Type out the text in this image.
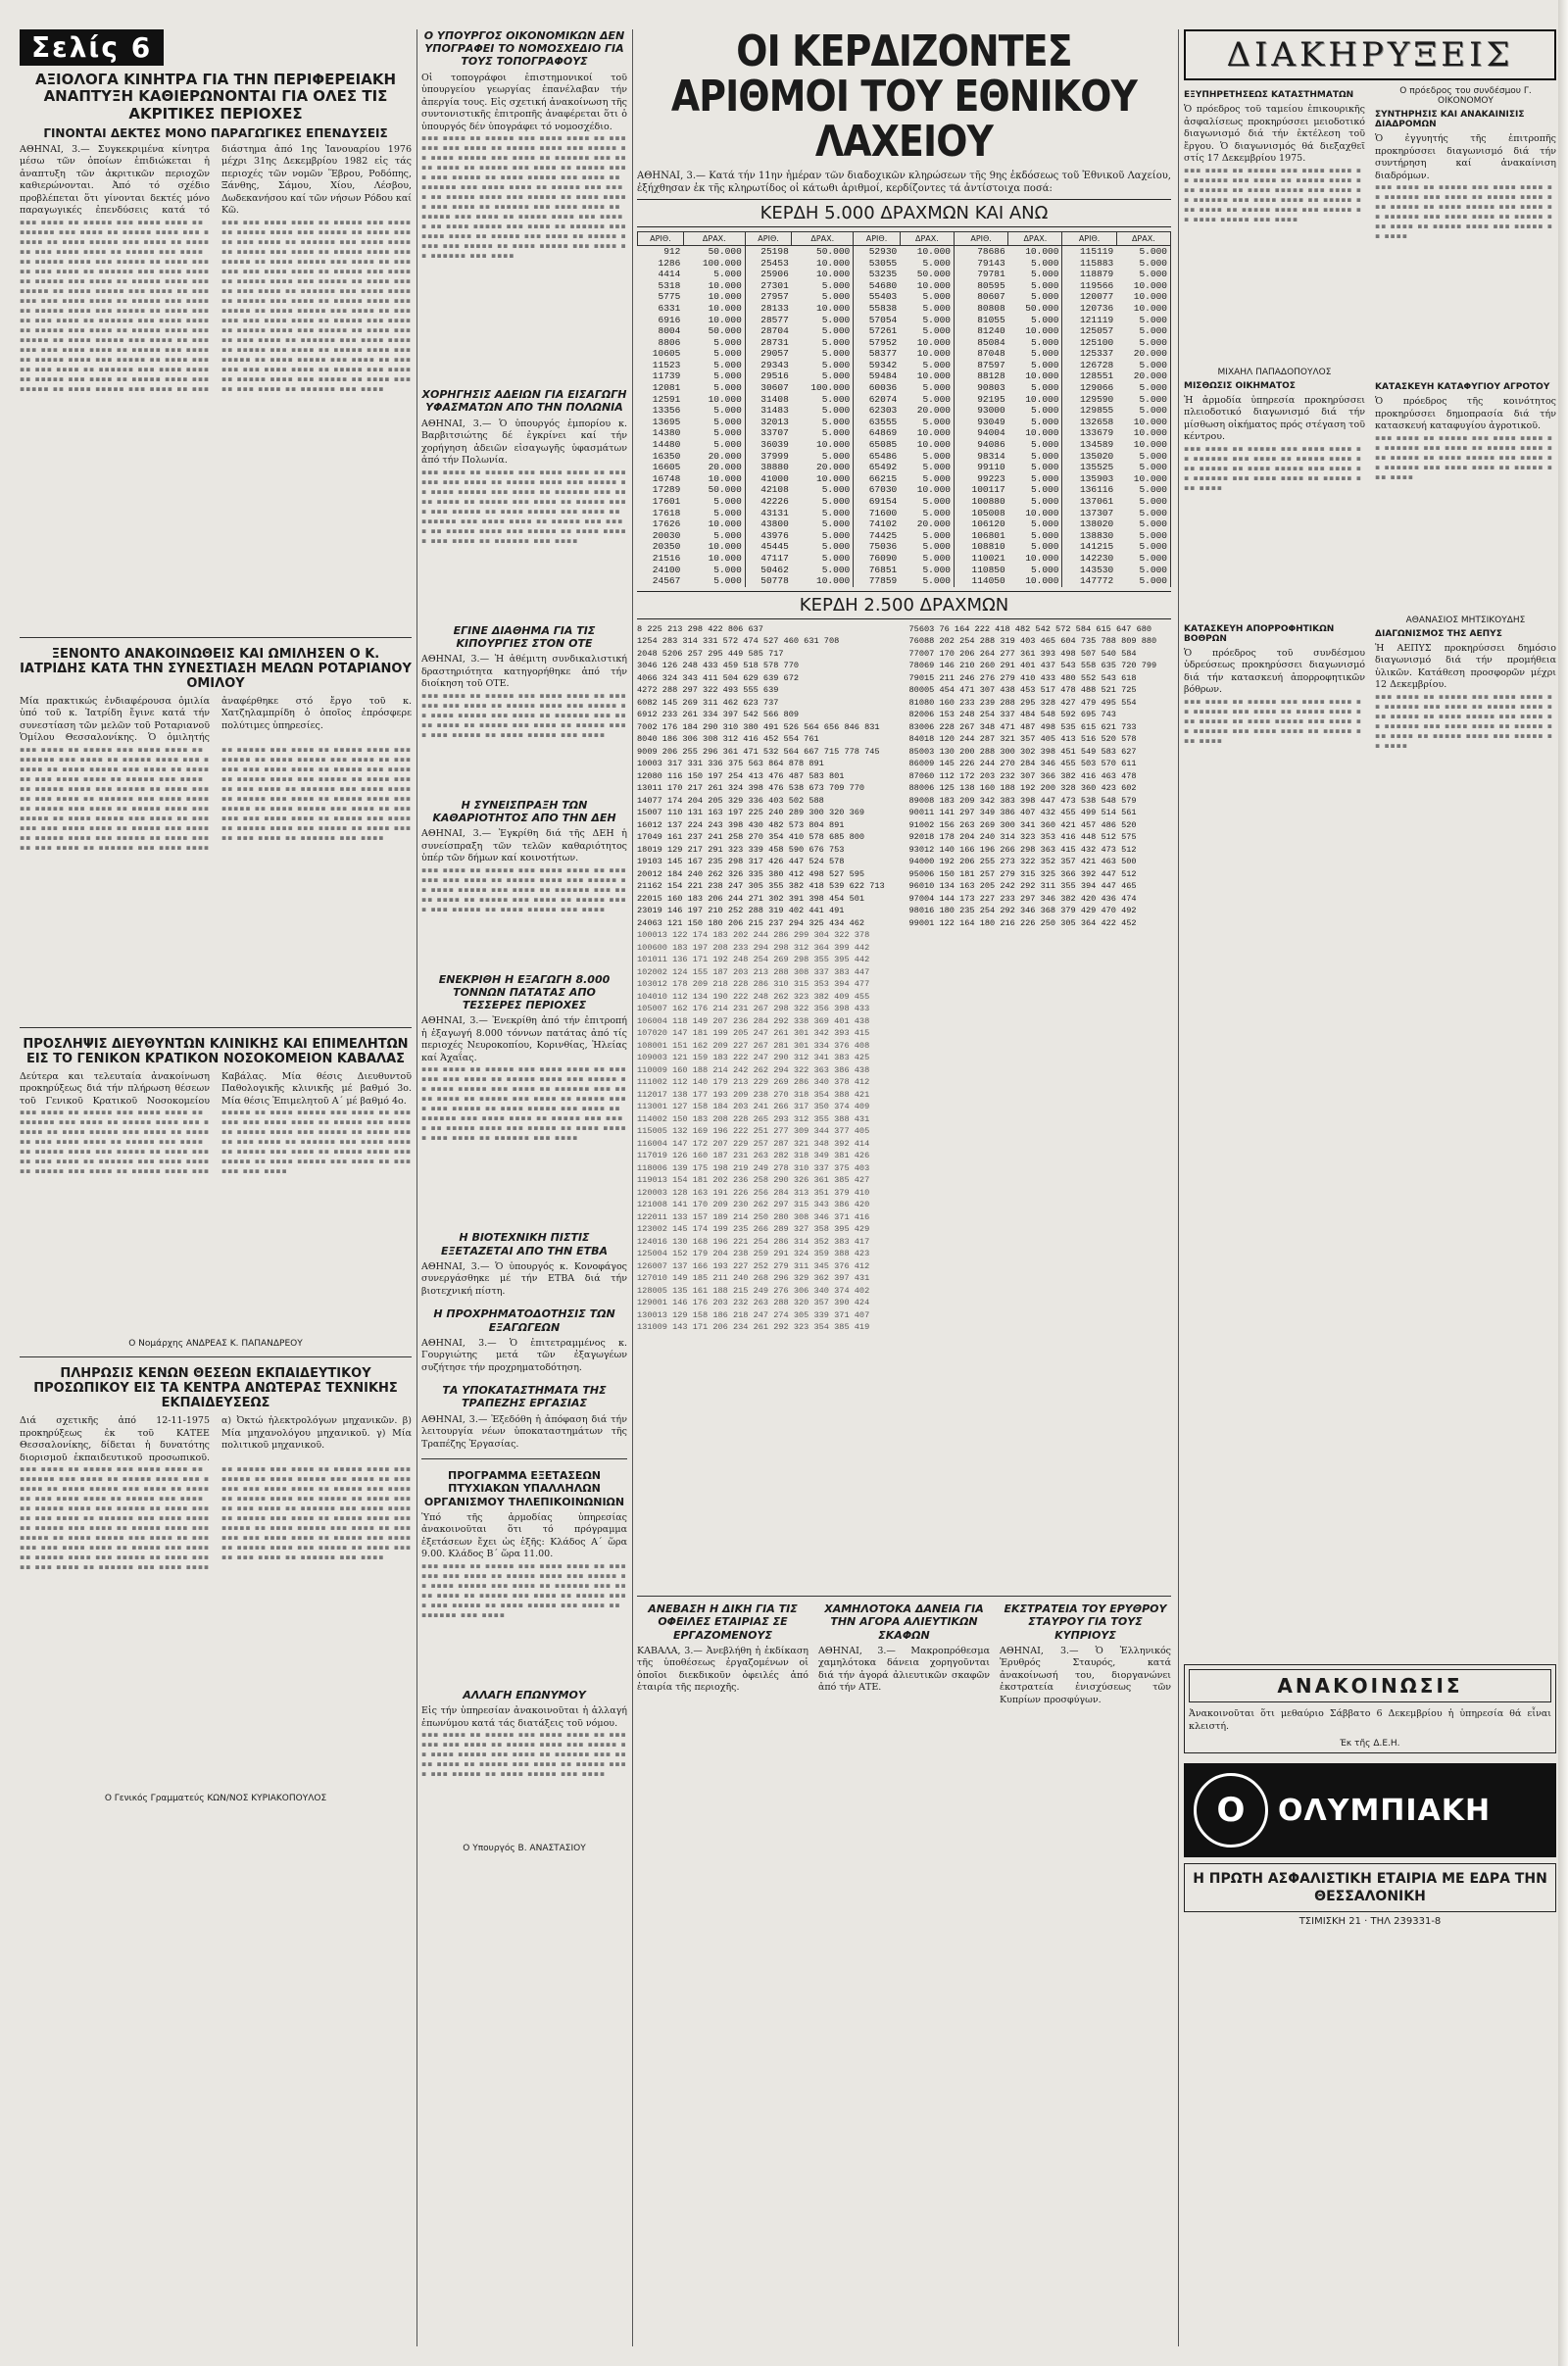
Σελίς 6
ΑΞΙΟΛΟΓΑ ΚΙΝΗΤΡΑ ΓΙΑ ΤΗΝ ΠΕΡΙΦΕΡΕΙΑΚΗ ΑΝΑΠΤΥΞΗ ΚΑΘΙΕΡΩΝΟΝΤΑΙ ΓΙΑ ΟΛΕΣ ΤΙΣ ΑΚΡΙΤΙΚΕΣ ΠΕΡΙΟΧΕΣ
ΓΙΝΟΝΤΑΙ ΔΕΚΤΕΣ ΜΟΝΟ ΠΑΡΑΓΩΓΙΚΕΣ ΕΠΕΝΔΥΣΕΙΣ
ΑΘΗΝΑΙ, 3.— Συγκεκριμένα κίνητρα μέσω τῶν ὁποίων ἐπιδιώκεται ἡ ἀναπτυξη τῶν ἀκριτικῶν περιοχῶν καθιερώνονται. Ἀπό τό σχέδιο προβλέπεται ὅτι γίνονται δεκτές μόνο παραγωγικές ἐπενδύσεις κατά τό διάστημα ἀπό 1ης Ἰανουαρίου 1976 μέχρι 31ης Δεκεμβρίου 1982 εἰς τάς περιοχές τῶν νομῶν Ἕβρου, Ροδόπης, Ξάνθης, Σάμου, Χίου, Λέσβου, Δωδεκανήσου καί τῶν νήσων Ρόδου καί Κῶ.
▪▪▪ ▪▪▪▪ ▪▪ ▪▪▪▪▪ ▪▪▪ ▪▪▪▪ ▪▪▪▪ ▪▪ ▪▪▪▪▪▪ ▪▪▪ ▪▪▪▪ ▪▪ ▪▪▪▪▪ ▪▪▪▪ ▪▪▪ ▪▪▪▪▪ ▪▪ ▪▪▪▪ ▪▪▪▪▪ ▪▪▪ ▪▪▪▪ ▪▪ ▪▪▪▪▪▪ ▪▪▪ ▪▪▪▪ ▪▪▪▪ ▪▪ ▪▪▪▪▪ ▪▪▪ ▪▪▪▪ ▪▪ ▪▪▪▪▪ ▪▪▪▪ ▪▪▪ ▪▪▪▪▪ ▪▪ ▪▪▪▪ ▪▪▪▪▪ ▪▪▪ ▪▪▪▪ ▪▪ ▪▪▪▪▪▪ ▪▪▪ ▪▪▪▪ ▪▪▪▪ ▪▪ ▪▪▪▪▪ ▪▪▪ ▪▪▪▪ ▪▪ ▪▪▪▪▪ ▪▪▪▪ ▪▪▪ ▪▪▪▪▪ ▪▪ ▪▪▪▪ ▪▪▪▪▪ ▪▪▪ ▪▪▪▪ ▪▪ ▪▪▪▪▪▪ ▪▪▪ ▪▪▪▪ ▪▪▪▪ ▪▪ ▪▪▪▪▪ ▪▪▪ ▪▪▪▪ ▪▪ ▪▪▪▪▪ ▪▪▪▪ ▪▪▪ ▪▪▪▪▪ ▪▪ ▪▪▪▪ ▪▪▪▪▪ ▪▪▪ ▪▪▪▪ ▪▪ ▪▪▪▪▪▪ ▪▪▪ ▪▪▪▪ ▪▪▪▪ ▪▪ ▪▪▪▪▪ ▪▪▪ ▪▪▪▪ ▪▪ ▪▪▪▪▪ ▪▪▪▪ ▪▪▪ ▪▪▪▪▪ ▪▪ ▪▪▪▪ ▪▪▪▪▪ ▪▪▪ ▪▪▪▪ ▪▪ ▪▪▪▪▪▪ ▪▪▪ ▪▪▪▪ ▪▪▪▪ ▪▪ ▪▪▪▪▪ ▪▪▪ ▪▪▪▪ ▪▪ ▪▪▪▪▪ ▪▪▪▪ ▪▪▪ ▪▪▪▪▪ ▪▪ ▪▪▪▪ ▪▪▪▪▪ ▪▪▪ ▪▪▪▪ ▪▪ ▪▪▪▪▪▪ ▪▪▪ ▪▪▪▪ ▪▪▪▪ ▪▪ ▪▪▪▪▪ ▪▪▪ ▪▪▪▪ ▪▪ ▪▪▪▪▪ ▪▪▪▪ ▪▪▪ ▪▪▪▪▪ ▪▪ ▪▪▪▪ ▪▪▪▪▪ ▪▪▪ ▪▪▪▪ ▪▪ ▪▪▪▪▪▪ ▪▪▪ ▪▪▪▪ ▪▪▪▪ ▪▪ ▪▪▪▪▪ ▪▪▪ ▪▪▪▪ ▪▪ ▪▪▪▪▪ ▪▪▪▪ ▪▪▪ ▪▪▪▪▪ ▪▪ ▪▪▪▪ ▪▪▪▪▪ ▪▪▪ ▪▪▪▪ ▪▪ ▪▪▪▪▪▪ ▪▪▪ ▪▪▪▪ ▪▪▪▪ ▪▪ ▪▪▪▪▪ ▪▪▪ ▪▪▪▪ ▪▪ ▪▪▪▪▪ ▪▪▪▪ ▪▪▪ ▪▪▪▪▪ ▪▪ ▪▪▪▪ ▪▪▪▪▪ ▪▪▪ ▪▪▪▪ ▪▪ ▪▪▪▪▪▪ ▪▪▪ ▪▪▪▪ ▪▪▪▪ ▪▪ ▪▪▪▪▪ ▪▪▪ ▪▪▪▪ ▪▪ ▪▪▪▪▪ ▪▪▪▪ ▪▪▪ ▪▪▪▪▪ ▪▪ ▪▪▪▪ ▪▪▪▪▪ ▪▪▪ ▪▪▪▪ ▪▪ ▪▪▪▪▪▪ ▪▪▪ ▪▪▪▪ ▪▪▪▪ ▪▪ ▪▪▪▪▪ ▪▪▪ ▪▪▪▪ ▪▪ ▪▪▪▪▪ ▪▪▪▪ ▪▪▪ ▪▪▪▪▪ ▪▪ ▪▪▪▪ ▪▪▪▪▪ ▪▪▪ ▪▪▪▪ ▪▪ ▪▪▪▪▪▪ ▪▪▪ ▪▪▪▪ ▪▪▪▪ ▪▪ ▪▪▪▪▪ ▪▪▪ ▪▪▪▪ ▪▪ ▪▪▪▪▪ ▪▪▪▪ ▪▪▪ ▪▪▪▪▪ ▪▪ ▪▪▪▪ ▪▪▪▪▪ ▪▪▪ ▪▪▪▪ ▪▪ ▪▪▪▪▪▪ ▪▪▪ ▪▪▪▪ ▪▪▪▪ ▪▪ ▪▪▪▪▪ ▪▪▪ ▪▪▪▪ ▪▪ ▪▪▪▪▪ ▪▪▪▪ ▪▪▪ ▪▪▪▪▪ ▪▪ ▪▪▪▪ ▪▪▪▪▪ ▪▪▪ ▪▪▪▪ ▪▪ ▪▪▪▪▪▪ ▪▪▪ ▪▪▪▪ ▪▪▪▪ ▪▪ ▪▪▪▪▪ ▪▪▪ ▪▪▪▪ ▪▪ ▪▪▪▪▪ ▪▪▪▪ ▪▪▪ ▪▪▪▪▪ ▪▪ ▪▪▪▪ ▪▪▪▪▪ ▪▪▪ ▪▪▪▪ ▪▪ ▪▪▪▪▪▪ ▪▪▪ ▪▪▪▪
ΞΕΝΟΝΤΟ ΑΝΑΚΟΙΝΩΘΕΙΣ ΚΑΙ ΩΜΙΛΗΣΕΝ Ο Κ. ΙΑΤΡΙΔΗΣ ΚΑΤΑ ΤΗΝ ΣΥΝΕΣΤΙΑΣΗ ΜΕΛΩΝ ΡΟΤΑΡΙΑΝΟΥ ΟΜΙΛΟΥ
Μία πρακτικώς ἐνδιαφέρουσα ὁμιλία ὑπό τοῦ κ. Ἰατρίδη ἔγινε κατά τήν συνεστίαση τῶν μελῶν τοῦ Ροταριανοῦ Ὁμίλου Θεσσαλονίκης. Ὁ ὁμιλητής ἀναφέρθηκε στό ἔργο τοῦ κ. Χατζηλαμπρίδη ὁ ὁποῖος ἐπρόσφερε πολύτιμες ὑπηρεσίες.
▪▪▪ ▪▪▪▪ ▪▪ ▪▪▪▪▪ ▪▪▪ ▪▪▪▪ ▪▪▪▪ ▪▪ ▪▪▪▪▪▪ ▪▪▪ ▪▪▪▪ ▪▪ ▪▪▪▪▪ ▪▪▪▪ ▪▪▪ ▪▪▪▪▪ ▪▪ ▪▪▪▪ ▪▪▪▪▪ ▪▪▪ ▪▪▪▪ ▪▪ ▪▪▪▪▪▪ ▪▪▪ ▪▪▪▪ ▪▪▪▪ ▪▪ ▪▪▪▪▪ ▪▪▪ ▪▪▪▪ ▪▪ ▪▪▪▪▪ ▪▪▪▪ ▪▪▪ ▪▪▪▪▪ ▪▪ ▪▪▪▪ ▪▪▪▪▪ ▪▪▪ ▪▪▪▪ ▪▪ ▪▪▪▪▪▪ ▪▪▪ ▪▪▪▪ ▪▪▪▪ ▪▪ ▪▪▪▪▪ ▪▪▪ ▪▪▪▪ ▪▪ ▪▪▪▪▪ ▪▪▪▪ ▪▪▪ ▪▪▪▪▪ ▪▪ ▪▪▪▪ ▪▪▪▪▪ ▪▪▪ ▪▪▪▪ ▪▪ ▪▪▪▪▪▪ ▪▪▪ ▪▪▪▪ ▪▪▪▪ ▪▪ ▪▪▪▪▪ ▪▪▪ ▪▪▪▪ ▪▪ ▪▪▪▪▪ ▪▪▪▪ ▪▪▪ ▪▪▪▪▪ ▪▪ ▪▪▪▪ ▪▪▪▪▪ ▪▪▪ ▪▪▪▪ ▪▪ ▪▪▪▪▪▪ ▪▪▪ ▪▪▪▪ ▪▪▪▪ ▪▪ ▪▪▪▪▪ ▪▪▪ ▪▪▪▪ ▪▪ ▪▪▪▪▪ ▪▪▪▪ ▪▪▪ ▪▪▪▪▪ ▪▪ ▪▪▪▪ ▪▪▪▪▪ ▪▪▪ ▪▪▪▪ ▪▪ ▪▪▪▪▪▪ ▪▪▪ ▪▪▪▪ ▪▪▪▪ ▪▪ ▪▪▪▪▪ ▪▪▪ ▪▪▪▪ ▪▪ ▪▪▪▪▪ ▪▪▪▪ ▪▪▪ ▪▪▪▪▪ ▪▪ ▪▪▪▪ ▪▪▪▪▪ ▪▪▪ ▪▪▪▪ ▪▪ ▪▪▪▪▪▪ ▪▪▪ ▪▪▪▪ ▪▪▪▪ ▪▪ ▪▪▪▪▪ ▪▪▪ ▪▪▪▪ ▪▪ ▪▪▪▪▪ ▪▪▪▪ ▪▪▪ ▪▪▪▪▪ ▪▪ ▪▪▪▪ ▪▪▪▪▪ ▪▪▪ ▪▪▪▪ ▪▪ ▪▪▪▪▪▪ ▪▪▪ ▪▪▪▪ ▪▪▪▪ ▪▪ ▪▪▪▪▪ ▪▪▪ ▪▪▪▪ ▪▪ ▪▪▪▪▪ ▪▪▪▪ ▪▪▪ ▪▪▪▪▪ ▪▪ ▪▪▪▪ ▪▪▪▪▪ ▪▪▪ ▪▪▪▪ ▪▪ ▪▪▪▪▪▪ ▪▪▪ ▪▪▪▪
ΠΡΟΣΛΗΨΙΣ ΔΙΕΥΘΥΝΤΩΝ ΚΛΙΝΙΚΗΣ ΚΑΙ ΕΠΙΜΕΛΗΤΩΝ ΕΙΣ ΤΟ ΓΕΝΙΚΟΝ ΚΡΑΤΙΚΟΝ ΝΟΣΟΚΟΜΕΙΟΝ ΚΑΒΑΛΑΣ
Δεύτερα και τελευταία ἀνακοίνωση προκηρύξεως διά τήν πλήρωση θέσεων τοῦ Γενικοῦ Κρατικοῦ Νοσοκομείου Καβάλας. Μία θέσις Διευθυντοῦ Παθολογικῆς κλινικῆς μέ βαθμό 3ο. Μία θέσις Ἐπιμελητοῦ Α΄ μέ βαθμό 4ο.
▪▪▪ ▪▪▪▪ ▪▪ ▪▪▪▪▪ ▪▪▪ ▪▪▪▪ ▪▪▪▪ ▪▪ ▪▪▪▪▪▪ ▪▪▪ ▪▪▪▪ ▪▪ ▪▪▪▪▪ ▪▪▪▪ ▪▪▪ ▪▪▪▪▪ ▪▪ ▪▪▪▪ ▪▪▪▪▪ ▪▪▪ ▪▪▪▪ ▪▪ ▪▪▪▪▪▪ ▪▪▪ ▪▪▪▪ ▪▪▪▪ ▪▪ ▪▪▪▪▪ ▪▪▪ ▪▪▪▪ ▪▪ ▪▪▪▪▪ ▪▪▪▪ ▪▪▪ ▪▪▪▪▪ ▪▪ ▪▪▪▪ ▪▪▪▪▪ ▪▪▪ ▪▪▪▪ ▪▪ ▪▪▪▪▪▪ ▪▪▪ ▪▪▪▪ ▪▪▪▪ ▪▪ ▪▪▪▪▪ ▪▪▪ ▪▪▪▪ ▪▪ ▪▪▪▪▪ ▪▪▪▪ ▪▪▪ ▪▪▪▪▪ ▪▪ ▪▪▪▪ ▪▪▪▪▪ ▪▪▪ ▪▪▪▪ ▪▪ ▪▪▪▪▪▪ ▪▪▪ ▪▪▪▪ ▪▪▪▪ ▪▪ ▪▪▪▪▪ ▪▪▪ ▪▪▪▪ ▪▪ ▪▪▪▪▪ ▪▪▪▪ ▪▪▪ ▪▪▪▪▪ ▪▪ ▪▪▪▪ ▪▪▪▪▪ ▪▪▪ ▪▪▪▪ ▪▪ ▪▪▪▪▪▪ ▪▪▪ ▪▪▪▪ ▪▪▪▪ ▪▪ ▪▪▪▪▪ ▪▪▪ ▪▪▪▪ ▪▪ ▪▪▪▪▪ ▪▪▪▪ ▪▪▪ ▪▪▪▪▪ ▪▪ ▪▪▪▪ ▪▪▪▪▪ ▪▪▪ ▪▪▪▪ ▪▪ ▪▪▪▪▪▪ ▪▪▪ ▪▪▪▪
Ο Νομάρχης ΑΝΔΡΕΑΣ Κ. ΠΑΠΑΝΔΡΕΟΥ
ΠΛΗΡΩΣΙΣ ΚΕΝΩΝ ΘΕΣΕΩΝ ΕΚΠΑΙΔΕΥΤΙΚΟΥ ΠΡΟΣΩΠΙΚΟΥ ΕΙΣ ΤΑ ΚΕΝΤΡΑ ΑΝΩΤΕΡΑΣ ΤΕΧΝΙΚΗΣ ΕΚΠΑΙΔΕΥΣΕΩΣ
Διά σχετικῆς ἀπό 12-11-1975 προκηρύξεως ἐκ τοῦ ΚΑΤΕΕ Θεσσαλονίκης, δίδεται ἡ δυνατότης διορισμοῦ ἐκπαιδευτικοῦ προσωπικοῦ. α) Ὀκτώ ἠλεκτρολόγων μηχανικῶν. β) Μία μηχανολόγου μηχανικοῦ. γ) Μία πολιτικοῦ μηχανικοῦ.
▪▪▪ ▪▪▪▪ ▪▪ ▪▪▪▪▪ ▪▪▪ ▪▪▪▪ ▪▪▪▪ ▪▪ ▪▪▪▪▪▪ ▪▪▪ ▪▪▪▪ ▪▪ ▪▪▪▪▪ ▪▪▪▪ ▪▪▪ ▪▪▪▪▪ ▪▪ ▪▪▪▪ ▪▪▪▪▪ ▪▪▪ ▪▪▪▪ ▪▪ ▪▪▪▪▪▪ ▪▪▪ ▪▪▪▪ ▪▪▪▪ ▪▪ ▪▪▪▪▪ ▪▪▪ ▪▪▪▪ ▪▪ ▪▪▪▪▪ ▪▪▪▪ ▪▪▪ ▪▪▪▪▪ ▪▪ ▪▪▪▪ ▪▪▪▪▪ ▪▪▪ ▪▪▪▪ ▪▪ ▪▪▪▪▪▪ ▪▪▪ ▪▪▪▪ ▪▪▪▪ ▪▪ ▪▪▪▪▪ ▪▪▪ ▪▪▪▪ ▪▪ ▪▪▪▪▪ ▪▪▪▪ ▪▪▪ ▪▪▪▪▪ ▪▪ ▪▪▪▪ ▪▪▪▪▪ ▪▪▪ ▪▪▪▪ ▪▪ ▪▪▪▪▪▪ ▪▪▪ ▪▪▪▪ ▪▪▪▪ ▪▪ ▪▪▪▪▪ ▪▪▪ ▪▪▪▪ ▪▪ ▪▪▪▪▪ ▪▪▪▪ ▪▪▪ ▪▪▪▪▪ ▪▪ ▪▪▪▪ ▪▪▪▪▪ ▪▪▪ ▪▪▪▪ ▪▪ ▪▪▪▪▪▪ ▪▪▪ ▪▪▪▪ ▪▪▪▪ ▪▪ ▪▪▪▪▪ ▪▪▪ ▪▪▪▪ ▪▪ ▪▪▪▪▪ ▪▪▪▪ ▪▪▪ ▪▪▪▪▪ ▪▪ ▪▪▪▪ ▪▪▪▪▪ ▪▪▪ ▪▪▪▪ ▪▪ ▪▪▪▪▪▪ ▪▪▪ ▪▪▪▪ ▪▪▪▪ ▪▪ ▪▪▪▪▪ ▪▪▪ ▪▪▪▪ ▪▪ ▪▪▪▪▪ ▪▪▪▪ ▪▪▪ ▪▪▪▪▪ ▪▪ ▪▪▪▪ ▪▪▪▪▪ ▪▪▪ ▪▪▪▪ ▪▪ ▪▪▪▪▪▪ ▪▪▪ ▪▪▪▪ ▪▪▪▪ ▪▪ ▪▪▪▪▪ ▪▪▪ ▪▪▪▪ ▪▪ ▪▪▪▪▪ ▪▪▪▪ ▪▪▪ ▪▪▪▪▪ ▪▪ ▪▪▪▪ ▪▪▪▪▪ ▪▪▪ ▪▪▪▪ ▪▪ ▪▪▪▪▪▪ ▪▪▪ ▪▪▪▪ ▪▪▪▪ ▪▪ ▪▪▪▪▪ ▪▪▪ ▪▪▪▪ ▪▪ ▪▪▪▪▪ ▪▪▪▪ ▪▪▪ ▪▪▪▪▪ ▪▪ ▪▪▪▪ ▪▪▪▪▪ ▪▪▪ ▪▪▪▪ ▪▪ ▪▪▪▪▪▪ ▪▪▪ ▪▪▪▪
Ο Γενικός Γραμματεύς ΚΩΝ/ΝΟΣ ΚΥΡΙΑΚΟΠΟΥΛΟΣ
Ο ΥΠΟΥΡΓΟΣ ΟΙΚΟΝΟΜΙΚΩΝ ΔΕΝ ΥΠΟΓΡΑΦΕΙ ΤΟ ΝΟΜΟΣΧΕΔΙΟ ΓΙΑ ΤΟΥΣ ΤΟΠΟΓΡΑΦΟΥΣ
Οἱ τοπογράφοι ἐπιστημονικοί τοῦ ὑπουργείου γεωργίας ἐπανέλαβαν τήν ἀπεργία τους. Εἰς σχετική ἀνακοίνωση τῆς συντονιστικῆς ἐπιτροπῆς ἀναφέρεται ὅτι ὁ ὑπουργός δέν ὑπογράφει τό νομοσχέδιο.
▪▪▪ ▪▪▪▪ ▪▪ ▪▪▪▪▪ ▪▪▪ ▪▪▪▪ ▪▪▪▪ ▪▪ ▪▪▪▪▪▪ ▪▪▪ ▪▪▪▪ ▪▪ ▪▪▪▪▪ ▪▪▪▪ ▪▪▪ ▪▪▪▪▪ ▪▪ ▪▪▪▪ ▪▪▪▪▪ ▪▪▪ ▪▪▪▪ ▪▪ ▪▪▪▪▪▪ ▪▪▪ ▪▪▪▪ ▪▪▪▪ ▪▪ ▪▪▪▪▪ ▪▪▪ ▪▪▪▪ ▪▪ ▪▪▪▪▪ ▪▪▪▪ ▪▪▪ ▪▪▪▪▪ ▪▪ ▪▪▪▪ ▪▪▪▪▪ ▪▪▪ ▪▪▪▪ ▪▪ ▪▪▪▪▪▪ ▪▪▪ ▪▪▪▪ ▪▪▪▪ ▪▪ ▪▪▪▪▪ ▪▪▪ ▪▪▪▪ ▪▪ ▪▪▪▪▪ ▪▪▪▪ ▪▪▪ ▪▪▪▪▪ ▪▪ ▪▪▪▪ ▪▪▪▪▪ ▪▪▪ ▪▪▪▪ ▪▪ ▪▪▪▪▪▪ ▪▪▪ ▪▪▪▪ ▪▪▪▪ ▪▪ ▪▪▪▪▪ ▪▪▪ ▪▪▪▪ ▪▪ ▪▪▪▪▪ ▪▪▪▪ ▪▪▪ ▪▪▪▪▪ ▪▪ ▪▪▪▪ ▪▪▪▪▪ ▪▪▪ ▪▪▪▪ ▪▪ ▪▪▪▪▪▪ ▪▪▪ ▪▪▪▪ ▪▪▪▪ ▪▪ ▪▪▪▪▪ ▪▪▪ ▪▪▪▪ ▪▪ ▪▪▪▪▪ ▪▪▪▪ ▪▪▪ ▪▪▪▪▪ ▪▪ ▪▪▪▪ ▪▪▪▪▪ ▪▪▪ ▪▪▪▪ ▪▪ ▪▪▪▪▪▪ ▪▪▪ ▪▪▪▪
ΧΟΡΗΓΗΣΙΣ ΑΔΕΙΩΝ ΓΙΑ ΕΙΣΑΓΩΓΗ ΥΦΑΣΜΑΤΩΝ ΑΠΟ ΤΗΝ ΠΟΛΩΝΙΑ
ΑΘΗΝΑΙ, 3.— Ὁ ὑπουργός ἐμπορίου κ. Βαρβιτσιώτης δέ ἐγκρίνει καί τήν χορήγηση ἀδειῶν εἰσαγωγῆς ὑφασμάτων ἀπό τήν Πολωνία.
▪▪▪ ▪▪▪▪ ▪▪ ▪▪▪▪▪ ▪▪▪ ▪▪▪▪ ▪▪▪▪ ▪▪ ▪▪▪▪▪▪ ▪▪▪ ▪▪▪▪ ▪▪ ▪▪▪▪▪ ▪▪▪▪ ▪▪▪ ▪▪▪▪▪ ▪▪ ▪▪▪▪ ▪▪▪▪▪ ▪▪▪ ▪▪▪▪ ▪▪ ▪▪▪▪▪▪ ▪▪▪ ▪▪▪▪ ▪▪▪▪ ▪▪ ▪▪▪▪▪ ▪▪▪ ▪▪▪▪ ▪▪ ▪▪▪▪▪ ▪▪▪▪ ▪▪▪ ▪▪▪▪▪ ▪▪ ▪▪▪▪ ▪▪▪▪▪ ▪▪▪ ▪▪▪▪ ▪▪ ▪▪▪▪▪▪ ▪▪▪ ▪▪▪▪ ▪▪▪▪ ▪▪ ▪▪▪▪▪ ▪▪▪ ▪▪▪▪ ▪▪ ▪▪▪▪▪ ▪▪▪▪ ▪▪▪ ▪▪▪▪▪ ▪▪ ▪▪▪▪ ▪▪▪▪▪ ▪▪▪ ▪▪▪▪ ▪▪ ▪▪▪▪▪▪ ▪▪▪ ▪▪▪▪
ΕΓΙΝΕ ΔΙΑΘΗΜΑ ΓΙΑ ΤΙΣ ΚΙΠΟΥΡΓΙΕΣ ΣΤΟΝ ΟΤΕ
ΑΘΗΝΑΙ, 3.— Ἡ ἀθέμιτη συνδικαλιστική δραστηριότητα κατηγορήθηκε ἀπό τήν διοίκηση τοῦ ΟΤΕ.
▪▪▪ ▪▪▪▪ ▪▪ ▪▪▪▪▪ ▪▪▪ ▪▪▪▪ ▪▪▪▪ ▪▪ ▪▪▪▪▪▪ ▪▪▪ ▪▪▪▪ ▪▪ ▪▪▪▪▪ ▪▪▪▪ ▪▪▪ ▪▪▪▪▪ ▪▪ ▪▪▪▪ ▪▪▪▪▪ ▪▪▪ ▪▪▪▪ ▪▪ ▪▪▪▪▪▪ ▪▪▪ ▪▪▪▪ ▪▪▪▪ ▪▪ ▪▪▪▪▪ ▪▪▪ ▪▪▪▪ ▪▪ ▪▪▪▪▪ ▪▪▪▪ ▪▪▪ ▪▪▪▪▪ ▪▪ ▪▪▪▪ ▪▪▪▪▪ ▪▪▪ ▪▪▪▪
Η ΣΥΝΕΙΣΠΡΑΞΗ ΤΩΝ ΚΑΘΑΡΙΟΤΗΤΟΣ ΑΠΟ ΤΗΝ ΔΕΗ
ΑΘΗΝΑΙ, 3.— Ἐγκρίθη διά τῆς ΔΕΗ ἡ συνείσπραξη τῶν τελῶν καθαριότητος ὑπέρ τῶν δήμων καί κοινοτήτων.
▪▪▪ ▪▪▪▪ ▪▪ ▪▪▪▪▪ ▪▪▪ ▪▪▪▪ ▪▪▪▪ ▪▪ ▪▪▪▪▪▪ ▪▪▪ ▪▪▪▪ ▪▪ ▪▪▪▪▪ ▪▪▪▪ ▪▪▪ ▪▪▪▪▪ ▪▪ ▪▪▪▪ ▪▪▪▪▪ ▪▪▪ ▪▪▪▪ ▪▪ ▪▪▪▪▪▪ ▪▪▪ ▪▪▪▪ ▪▪▪▪ ▪▪ ▪▪▪▪▪ ▪▪▪ ▪▪▪▪ ▪▪ ▪▪▪▪▪ ▪▪▪▪ ▪▪▪ ▪▪▪▪▪ ▪▪ ▪▪▪▪ ▪▪▪▪▪ ▪▪▪ ▪▪▪▪
ΕΝΕΚΡΙΘΗ Η ΕΞΑΓΩΓΗ 8.000 ΤΟΝΝΩΝ ΠΑΤΑΤΑΣ ΑΠΟ ΤΕΣΣΕΡΕΣ ΠΕΡΙΟΧΕΣ
ΑΘΗΝΑΙ, 3.— Ἐνεκρίθη ἀπό τήν ἐπιτροπή ἡ ἐξαγωγή 8.000 τόννων πατάτας ἀπό τίς περιοχές Νευροκοπίου, Κορινθίας, Ἠλείας καί Ἀχαΐας.
▪▪▪ ▪▪▪▪ ▪▪ ▪▪▪▪▪ ▪▪▪ ▪▪▪▪ ▪▪▪▪ ▪▪ ▪▪▪▪▪▪ ▪▪▪ ▪▪▪▪ ▪▪ ▪▪▪▪▪ ▪▪▪▪ ▪▪▪ ▪▪▪▪▪ ▪▪ ▪▪▪▪ ▪▪▪▪▪ ▪▪▪ ▪▪▪▪ ▪▪ ▪▪▪▪▪▪ ▪▪▪ ▪▪▪▪ ▪▪▪▪ ▪▪ ▪▪▪▪▪ ▪▪▪ ▪▪▪▪ ▪▪ ▪▪▪▪▪ ▪▪▪▪ ▪▪▪ ▪▪▪▪▪ ▪▪ ▪▪▪▪ ▪▪▪▪▪ ▪▪▪ ▪▪▪▪ ▪▪ ▪▪▪▪▪▪ ▪▪▪ ▪▪▪▪ ▪▪▪▪ ▪▪ ▪▪▪▪▪ ▪▪▪ ▪▪▪▪ ▪▪ ▪▪▪▪▪ ▪▪▪▪ ▪▪▪ ▪▪▪▪▪ ▪▪ ▪▪▪▪ ▪▪▪▪▪ ▪▪▪ ▪▪▪▪ ▪▪ ▪▪▪▪▪▪ ▪▪▪ ▪▪▪▪
Η ΒΙΟΤΕΧΝΙΚΗ ΠΙΣΤΙΣ ΕΞΕΤΑΖΕΤΑΙ ΑΠΟ ΤΗΝ ΕΤΒΑ
ΑΘΗΝΑΙ, 3.— Ὁ ὑπουργός κ. Κονοφάγος συνεργάσθηκε μέ τήν ΕΤΒΑ διά τήν βιοτεχνική πίστη.
Η ΠΡΟΧΡΗΜΑΤΟΔΟΤΗΣΙΣ ΤΩΝ ΕΞΑΓΩΓΕΩΝ
ΑΘΗΝΑΙ, 3.— Ὁ ἐπιτετραμμένος κ. Γουργιώτης μετά τῶν ἐξαγωγέων συζήτησε τήν προχρηματοδότηση.
ΤΑ ΥΠΟΚΑΤΑΣΤΗΜΑΤΑ ΤΗΣ ΤΡΑΠΕΖΗΣ ΕΡΓΑΣΙΑΣ
ΑΘΗΝΑΙ, 3.— Ἐξεδόθη ἡ ἀπόφαση διά τήν λειτουργία νέων ὑποκαταστημάτων τῆς Τραπέζης Ἐργασίας.
ΠΡΟΓΡΑΜΜΑ ΕΞΕΤΑΣΕΩΝ ΠΤΥΧΙΑΚΩΝ ΥΠΑΛΛΗΛΩΝ ΟΡΓΑΝΙΣΜΟΥ ΤΗΛΕΠΙΚΟΙΝΩΝΙΩΝ
Ὑπό τῆς ἀρμοδίας ὑπηρεσίας ἀνακοινοῦται ὅτι τό πρόγραμμα ἐξετάσεων ἔχει ὡς ἑξῆς: Κλάδος Α΄ ὥρα 9.00. Κλάδος Β΄ ὥρα 11.00.
▪▪▪ ▪▪▪▪ ▪▪ ▪▪▪▪▪ ▪▪▪ ▪▪▪▪ ▪▪▪▪ ▪▪ ▪▪▪▪▪▪ ▪▪▪ ▪▪▪▪ ▪▪ ▪▪▪▪▪ ▪▪▪▪ ▪▪▪ ▪▪▪▪▪ ▪▪ ▪▪▪▪ ▪▪▪▪▪ ▪▪▪ ▪▪▪▪ ▪▪ ▪▪▪▪▪▪ ▪▪▪ ▪▪▪▪ ▪▪▪▪ ▪▪ ▪▪▪▪▪ ▪▪▪ ▪▪▪▪ ▪▪ ▪▪▪▪▪ ▪▪▪▪ ▪▪▪ ▪▪▪▪▪ ▪▪ ▪▪▪▪ ▪▪▪▪▪ ▪▪▪ ▪▪▪▪ ▪▪ ▪▪▪▪▪▪ ▪▪▪ ▪▪▪▪
ΑΛΛΑΓΗ ΕΠΩΝΥΜΟΥ
Εἰς τήν ὑπηρεσίαν ἀνακοινοῦται ἡ ἀλλαγή ἐπωνύμου κατά τάς διατάξεις τοῦ νόμου.
▪▪▪ ▪▪▪▪ ▪▪ ▪▪▪▪▪ ▪▪▪ ▪▪▪▪ ▪▪▪▪ ▪▪ ▪▪▪▪▪▪ ▪▪▪ ▪▪▪▪ ▪▪ ▪▪▪▪▪ ▪▪▪▪ ▪▪▪ ▪▪▪▪▪ ▪▪ ▪▪▪▪ ▪▪▪▪▪ ▪▪▪ ▪▪▪▪ ▪▪ ▪▪▪▪▪▪ ▪▪▪ ▪▪▪▪ ▪▪▪▪ ▪▪ ▪▪▪▪▪ ▪▪▪ ▪▪▪▪ ▪▪ ▪▪▪▪▪ ▪▪▪▪ ▪▪▪ ▪▪▪▪▪ ▪▪ ▪▪▪▪ ▪▪▪▪▪ ▪▪▪ ▪▪▪▪
Ο Υπουργός Β. ΑΝΑΣΤΑΣΙΟΥ
ΟΙ ΚΕΡΔΙΖΟΝΤΕΣ ΑΡΙΘΜΟΙ ΤΟΥ ΕΘΝΙΚΟΥ ΛΑΧΕΙΟΥ
ΑΘΗΝΑΙ, 3.— Κατά τήν 11ην ἡμέραν τῶν διαδοχικῶν κληρώσεων τῆς 9ης ἐκδόσεως τοῦ Ἐθνικοῦ Λαχείου, ἐξήχθησαν ἐκ τῆς κληρωτίδος οἱ κάτωθι ἀριθμοί, κερδίζοντες τά ἀντίστοιχα ποσά:
ΚΕΡΔΗ 5.000 ΔΡΑΧΜΩΝ ΚΑΙ ΑΝΩ
ΑΡΙΘ.	ΔΡΑΧ.	ΑΡΙΘ.	ΔΡΑΧ.	ΑΡΙΘ.	ΔΡΑΧ.	ΑΡΙΘ.	ΔΡΑΧ.	ΑΡΙΘ.	ΔΡΑΧ.
912	50.000	25198	50.000	52930	10.000	78686	10.000	115119	5.000
1286	100.000	25453	10.000	53055	5.000	79143	5.000	115883	5.000
4414	5.000	25906	10.000	53235	50.000	79781	5.000	118879	5.000
5318	10.000	27301	5.000	54680	10.000	80595	5.000	119566	10.000
5775	10.000	27957	5.000	55403	5.000	80607	5.000	120077	10.000
6331	10.000	28133	10.000	55838	5.000	80808	50.000	120736	10.000
6916	10.000	28577	5.000	57054	5.000	81055	5.000	121119	5.000
8004	50.000	28704	5.000	57261	5.000	81240	10.000	125057	5.000
8806	5.000	28731	5.000	57952	10.000	85084	5.000	125100	5.000
10605	5.000	29057	5.000	58377	10.000	87048	5.000	125337	20.000
11523	5.000	29343	5.000	59342	5.000	87597	5.000	126728	5.000
11739	5.000	29516	5.000	59484	10.000	88128	10.000	128551	20.000
12081	5.000	30607	100.000	60036	5.000	90803	5.000	129066	5.000
12591	10.000	31408	5.000	62074	5.000	92195	10.000	129590	5.000
13356	5.000	31483	5.000	62303	20.000	93000	5.000	129855	5.000
13695	5.000	32013	5.000	63555	5.000	93049	5.000	132658	10.000
14380	5.000	33707	5.000	64869	10.000	94004	10.000	133679	10.000
14480	5.000	36039	10.000	65085	10.000	94086	5.000	134589	10.000
16350	20.000	37999	5.000	65486	5.000	98314	5.000	135020	5.000
16605	20.000	38880	20.000	65492	5.000	99110	5.000	135525	5.000
16748	10.000	41000	10.000	66215	5.000	99223	5.000	135903	10.000
17289	50.000	42108	5.000	67030	10.000	100117	5.000	136116	5.000
17601	5.000	42226	5.000	69154	5.000	100880	5.000	137061	5.000
17618	5.000	43131	5.000	71600	5.000	105008	10.000	137307	5.000
17626	10.000	43800	5.000	74102	20.000	106120	5.000	138020	5.000
20030	5.000	43976	5.000	74425	5.000	106801	5.000	138830	5.000
20350	10.000	45445	5.000	75036	5.000	108810	5.000	141215	5.000
21516	10.000	47117	5.000	76090	5.000	110021	10.000	142230	5.000
24100	5.000	50462	5.000	76851	5.000	110850	5.000	143530	5.000
24567	5.000	50778	10.000	77859	5.000	114050	10.000	147772	5.000
ΚΕΡΔΗ 2.500 ΔΡΑΧΜΩΝ
8 225 213 298 422 806 637
1254 283 314 331 572 474 527 460 631 708
2048 5206 257 295 449 585 717
3046 126 248 433 459 518 578 770
4066 324 343 411 504 629 639 672
4272 288 297 322 493 555 639
6082 145 269 311 462 623 737
6912 233 261 334 397 542 566 809
7002 176 184 290 310 380 491 526 564 656 846 831
8040 186 306 308 312 416 452 554 761
9009 206 255 296 361 471 532 564 667 715 778 745
10003 317 331 336 375 563 864 878 891
12080 116 150 197 254 413 476 487 583 801
13011 170 217 261 324 398 476 538 673 709 770
14077 174 204 205 329 336 403 502 588
15007 110 131 163 197 225 240 289 300 320 369
16012 137 224 243 398 430 482 573 804 891
17049 161 237 241 258 270 354 410 578 685 800
18019 129 217 291 323 339 458 590 676 753
19103 145 167 235 298 317 426 447 524 578
20012 184 240 262 326 335 380 412 498 527 595
21162 154 221 238 247 305 355 382 418 539 622 713
22015 160 183 206 244 271 302 391 398 454 501
23019 146 197 210 252 288 319 402 441 491
24063 121 150 180 206 215 237 294 325 434 462
75603 76 164 222 418 482 542 572 584 615 647 680
76088 202 254 288 319 403 465 604 735 788 809 880
77007 170 206 264 277 361 393 498 507 540 584
78069 146 210 260 291 401 437 543 558 635 720 799
79015 211 246 276 279 410 433 480 552 543 618
80005 454 471 307 438 453 517 478 488 521 725
81080 160 233 239 288 295 328 427 479 495 554
82006 153 248 254 337 484 548 592 695 743
83006 228 267 348 471 487 498 535 615 621 733
84018 120 244 287 321 357 405 413 516 520 578
85003 130 200 288 300 302 398 451 549 583 627
86009 145 226 244 270 284 346 455 503 570 611
87060 112 172 203 232 307 366 382 416 463 478
88006 125 138 160 188 192 200 328 360 423 602
89008 183 209 342 383 398 447 473 538 548 579
90011 141 297 349 386 407 432 455 499 514 561
91002 156 263 269 300 341 360 421 457 486 520
92018 178 204 240 314 323 353 416 448 512 575
93012 140 166 196 266 298 363 415 432 473 512
94000 192 206 255 273 322 352 357 421 463 500
95006 150 181 257 279 315 325 366 392 447 512
96010 134 163 205 242 292 311 355 394 447 465
97004 144 173 227 233 297 346 382 420 436 474
98016 180 235 254 292 346 368 379 429 470 492
99001 122 164 180 216 226 250 305 364 422 452
100013 122 174 183 202 244 286 299 304 322 378
100600 183 197 208 233 294 298 312 364 399 442
101011 136 171 192 248 254 269 298 355 395 442
102002 124 155 187 203 213 288 308 337 383 447
103012 178 209 218 228 286 310 315 353 394 477
104010 112 134 190 222 248 262 323 382 409 455
105007 162 176 214 231 267 298 322 356 398 433
106004 118 149 207 236 284 292 338 369 401 438
107020 147 181 199 205 247 261 301 342 393 415
108001 151 162 209 227 267 281 301 334 376 408
109003 121 159 183 222 247 290 312 341 383 425
110009 160 188 214 242 262 294 322 363 386 438
111002 112 140 179 213 229 269 286 340 378 412
112017 138 177 193 209 238 270 318 354 388 421
113001 127 158 184 203 241 266 317 350 374 409
114002 150 183 208 228 265 293 312 355 388 431
115005 132 169 196 222 251 277 309 344 377 405
116004 147 172 207 229 257 287 321 348 392 414
117019 126 160 187 231 263 282 318 349 381 426
118006 139 175 198 219 249 278 310 337 375 403
119013 154 181 202 236 258 290 326 361 385 427
120003 128 163 191 226 256 284 313 351 379 410
121008 141 170 209 230 262 297 315 343 386 420
122011 133 157 189 214 250 280 308 346 371 416
123002 145 174 199 235 266 289 327 358 395 429
124016 130 168 196 221 254 286 314 352 383 417
125004 152 179 204 238 259 291 324 359 388 423
126007 137 166 193 227 252 279 311 345 376 412
127010 149 185 211 240 268 296 329 362 397 431
128005 135 161 188 215 249 276 306 340 374 402
129001 146 176 203 232 263 288 320 357 390 424
130013 129 158 186 218 247 274 305 339 371 407
131009 143 171 206 234 261 292 323 354 385 419
ΑΝΕΒΑΣΗ Η ΔΙΚΗ ΓΙΑ ΤΙΣ ΟΦΕΙΛΕΣ ΕΤΑΙΡΙΑΣ ΣΕ ΕΡΓΑΖΟΜΕΝΟΥΣ
ΚΑΒΑΛΑ, 3.— Ἀνεβλήθη ἡ ἐκδίκαση τῆς ὑποθέσεως ἐργαζομένων οἱ ὁποῖοι διεκδικοῦν ὀφειλές ἀπό ἑταιρία τῆς περιοχῆς.
ΧΑΜΗΛΟΤΟΚΑ ΔΑΝΕΙΑ ΓΙΑ ΤΗΝ ΑΓΟΡΑ ΑΛΙΕΥΤΙΚΩΝ ΣΚΑΦΩΝ
ΑΘΗΝΑΙ, 3.— Μακροπρόθεσμα χαμηλότοκα δάνεια χορηγοῦνται διά τήν ἀγορά ἀλιευτικῶν σκαφῶν ἀπό τήν ΑΤΕ.
ΕΚΣΤΡΑΤΕΙΑ ΤΟΥ ΕΡΥΘΡΟΥ ΣΤΑΥΡΟΥ ΓΙΑ ΤΟΥΣ ΚΥΠΡΙΟΥΣ
ΑΘΗΝΑΙ, 3.— Ὁ Ἑλληνικός Ἐρυθρός Σταυρός, κατά ἀνακοίνωσή του, διοργανώνει ἐκστρατεία ἐνισχύσεως τῶν Κυπρίων προσφύγων.
ΔΙΑΚΗΡΥΞΕΙΣ
ΕΞΥΠΗΡΕΤΗΣΕΩΣ ΚΑΤΑΣΤΗΜΑΤΩΝ
Ὁ πρόεδρος τοῦ ταμείου ἐπικουρικῆς ἀσφαλίσεως προκηρύσσει μειοδοτικό διαγωνισμό διά τήν ἐκτέλεση τοῦ ἔργου. Ὁ διαγωνισμός θά διεξαχθεῖ στίς 17 Δεκεμβρίου 1975.
▪▪▪ ▪▪▪▪ ▪▪ ▪▪▪▪▪ ▪▪▪ ▪▪▪▪ ▪▪▪▪ ▪▪ ▪▪▪▪▪▪ ▪▪▪ ▪▪▪▪ ▪▪ ▪▪▪▪▪ ▪▪▪▪ ▪▪▪ ▪▪▪▪▪ ▪▪ ▪▪▪▪ ▪▪▪▪▪ ▪▪▪ ▪▪▪▪ ▪▪ ▪▪▪▪▪▪ ▪▪▪ ▪▪▪▪ ▪▪▪▪ ▪▪ ▪▪▪▪▪ ▪▪▪ ▪▪▪▪ ▪▪ ▪▪▪▪▪ ▪▪▪▪ ▪▪▪ ▪▪▪▪▪ ▪▪ ▪▪▪▪ ▪▪▪▪▪ ▪▪▪ ▪▪▪▪
ΜΙΧΑΗΛ ΠΑΠΑΔΟΠΟΥΛΟΣ
ΜΙΣΘΩΣΙΣ ΟΙΚΗΜΑΤΟΣ
Ἡ ἀρμοδία ὑπηρεσία προκηρύσσει πλειοδοτικό διαγωνισμό διά τήν μίσθωση οἰκήματος πρός στέγαση τοῦ κέντρου.
▪▪▪ ▪▪▪▪ ▪▪ ▪▪▪▪▪ ▪▪▪ ▪▪▪▪ ▪▪▪▪ ▪▪ ▪▪▪▪▪▪ ▪▪▪ ▪▪▪▪ ▪▪ ▪▪▪▪▪ ▪▪▪▪ ▪▪▪ ▪▪▪▪▪ ▪▪ ▪▪▪▪ ▪▪▪▪▪ ▪▪▪ ▪▪▪▪ ▪▪ ▪▪▪▪▪▪ ▪▪▪ ▪▪▪▪ ▪▪▪▪ ▪▪ ▪▪▪▪▪ ▪▪▪ ▪▪▪▪
ΚΑΤΑΣΚΕΥΗ ΑΠΟΡΡΟΦΗΤΙΚΩΝ ΒΟΘΡΩΝ
Ὁ πρόεδρος τοῦ συνδέσμου ὑδρεύσεως προκηρύσσει διαγωνισμό διά τήν κατασκευή ἀπορροφητικῶν βόθρων.
▪▪▪ ▪▪▪▪ ▪▪ ▪▪▪▪▪ ▪▪▪ ▪▪▪▪ ▪▪▪▪ ▪▪ ▪▪▪▪▪▪ ▪▪▪ ▪▪▪▪ ▪▪ ▪▪▪▪▪ ▪▪▪▪ ▪▪▪ ▪▪▪▪▪ ▪▪ ▪▪▪▪ ▪▪▪▪▪ ▪▪▪ ▪▪▪▪ ▪▪ ▪▪▪▪▪▪ ▪▪▪ ▪▪▪▪ ▪▪▪▪ ▪▪ ▪▪▪▪▪ ▪▪▪ ▪▪▪▪
Ο πρόεδρος του συνδέσμου Γ. ΟΙΚΟΝΟΜΟΥ
ΣΥΝΤΗΡΗΣΙΣ ΚΑΙ ΑΝΑΚΑΙΝΙΣΙΣ ΔΙΑΔΡΟΜΩΝ
Ὁ ἐγγυητής τῆς ἐπιτροπῆς προκηρύσσει διαγωνισμό διά τήν συντήρηση καί ἀνακαίνιση διαδρόμων.
▪▪▪ ▪▪▪▪ ▪▪ ▪▪▪▪▪ ▪▪▪ ▪▪▪▪ ▪▪▪▪ ▪▪ ▪▪▪▪▪▪ ▪▪▪ ▪▪▪▪ ▪▪ ▪▪▪▪▪ ▪▪▪▪ ▪▪▪ ▪▪▪▪▪ ▪▪ ▪▪▪▪ ▪▪▪▪▪ ▪▪▪ ▪▪▪▪ ▪▪ ▪▪▪▪▪▪ ▪▪▪ ▪▪▪▪ ▪▪▪▪ ▪▪ ▪▪▪▪▪ ▪▪▪ ▪▪▪▪ ▪▪ ▪▪▪▪▪ ▪▪▪▪ ▪▪▪ ▪▪▪▪▪ ▪▪ ▪▪▪▪
ΚΑΤΑΣΚΕΥΗ ΚΑΤΑΦΥΓΙΟΥ ΑΓΡΟΤΟΥ
Ὁ πρόεδρος τῆς κοινότητος προκηρύσσει δημοπρασία διά τήν κατασκευή καταφυγίου ἀγροτικοῦ.
▪▪▪ ▪▪▪▪ ▪▪ ▪▪▪▪▪ ▪▪▪ ▪▪▪▪ ▪▪▪▪ ▪▪ ▪▪▪▪▪▪ ▪▪▪ ▪▪▪▪ ▪▪ ▪▪▪▪▪ ▪▪▪▪ ▪▪▪ ▪▪▪▪▪ ▪▪ ▪▪▪▪ ▪▪▪▪▪ ▪▪▪ ▪▪▪▪ ▪▪ ▪▪▪▪▪▪ ▪▪▪ ▪▪▪▪ ▪▪▪▪ ▪▪ ▪▪▪▪▪ ▪▪▪ ▪▪▪▪
ΑΘΑΝΑΣΙΟΣ ΜΗΤΣΙΚΟΥΔΗΣ
ΔΙΑΓΩΝΙΣΜΟΣ ΤΗΣ ΑΕΠΥΣ
Ἡ ΑΕΠΥΣ προκηρύσσει δημόσιο διαγωνισμό διά τήν προμήθεια ὑλικῶν. Κατάθεση προσφορῶν μέχρι 12 Δεκεμβρίου.
▪▪▪ ▪▪▪▪ ▪▪ ▪▪▪▪▪ ▪▪▪ ▪▪▪▪ ▪▪▪▪ ▪▪ ▪▪▪▪▪▪ ▪▪▪ ▪▪▪▪ ▪▪ ▪▪▪▪▪ ▪▪▪▪ ▪▪▪ ▪▪▪▪▪ ▪▪ ▪▪▪▪ ▪▪▪▪▪ ▪▪▪ ▪▪▪▪ ▪▪ ▪▪▪▪▪▪ ▪▪▪ ▪▪▪▪ ▪▪▪▪ ▪▪ ▪▪▪▪▪ ▪▪▪ ▪▪▪▪ ▪▪ ▪▪▪▪▪ ▪▪▪▪ ▪▪▪ ▪▪▪▪▪ ▪▪ ▪▪▪▪
ΑΝΑΚΟΙΝΩΣΙΣ
Ἀνακοινοῦται ὅτι μεθαύριο Σάββατο 6 Δεκεμβρίου ἡ ὑπηρεσία θά εἶναι κλειστή.
Ἐκ τῆς Δ.Ε.Η.
Ο	ΟΛΥΜΠΙΑΚΗ
Η ΠΡΩΤΗ ΑΣΦΑΛΙΣΤΙΚΗ ΕΤΑΙΡΙΑ ΜΕ ΕΔΡΑ ΤΗΝ ΘΕΣΣΑΛΟΝΙΚΗ
ΤΣΙΜΙΣΚΗ 21 · ΤΗΛ 239331-8
